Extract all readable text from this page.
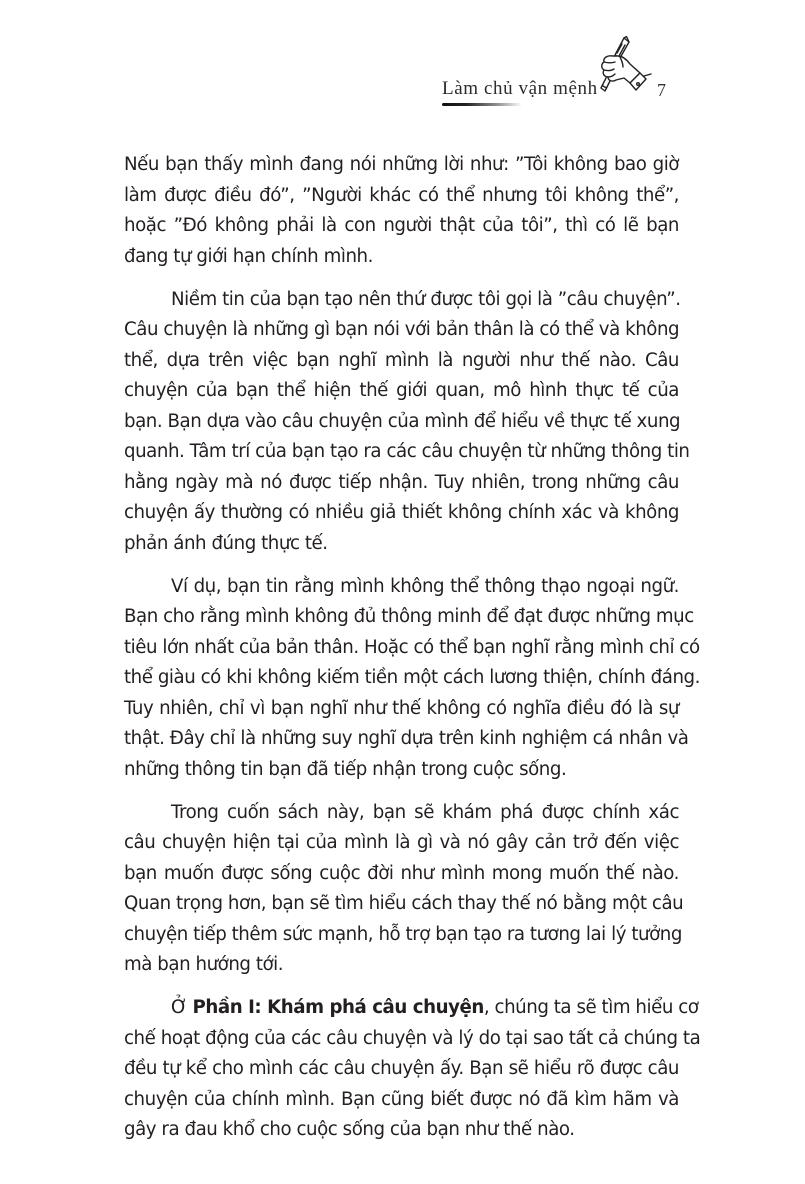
Làm chủ vận mệnh	7

Nếu bạn thấy mình đang nói những lời như: ”Tôi không bao giờ
làm được điều đó”, ”Người khác có thể nhưng tôi không thể”,
hoặc ”Đó không phải là con người thật của tôi”, thì có lẽ bạn
đang tự giới hạn chính mình.

Niềm tin của bạn tạo nên thứ được tôi gọi là ”câu chuyện”.
Câu chuyện là những gì bạn nói với bản thân là có thể và không
thể, dựa trên việc bạn nghĩ mình là người như thế nào. Câu
chuyện của bạn thể hiện thế giới quan, mô hình thực tế của
bạn. Bạn dựa vào câu chuyện của mình để hiểu về thực tế xung
quanh. Tâm trí của bạn tạo ra các câu chuyện từ những thông tin
hằng ngày mà nó được tiếp nhận. Tuy nhiên, trong những câu
chuyện ấy thường có nhiều giả thiết không chính xác và không
phản ánh đúng thực tế.

Ví dụ, bạn tin rằng mình không thể thông thạo ngoại ngữ.
Bạn cho rằng mình không đủ thông minh để đạt được những mục
tiêu lớn nhất của bản thân. Hoặc có thể bạn nghĩ rằng mình chỉ có
thể giàu có khi không kiếm tiền một cách lương thiện, chính đáng.
Tuy nhiên, chỉ vì bạn nghĩ như thế không có nghĩa điều đó là sự
thật. Đây chỉ là những suy nghĩ dựa trên kinh nghiệm cá nhân và
những thông tin bạn đã tiếp nhận trong cuộc sống.

Trong cuốn sách này, bạn sẽ khám phá được chính xác
câu chuyện hiện tại của mình là gì và nó gây cản trở đến việc
bạn muốn được sống cuộc đời như mình mong muốn thế nào.
Quan trọng hơn, bạn sẽ tìm hiểu cách thay thế nó bằng một câu
chuyện tiếp thêm sức mạnh, hỗ trợ bạn tạo ra tương lai lý tưởng
mà bạn hướng tới.

Ở Phần I: Khám phá câu chuyện, chúng ta sẽ tìm hiểu cơ
chế hoạt động của các câu chuyện và lý do tại sao tất cả chúng ta
đều tự kể cho mình các câu chuyện ấy. Bạn sẽ hiểu rõ được câu
chuyện của chính mình. Bạn cũng biết được nó đã kìm hãm và
gây ra đau khổ cho cuộc sống của bạn như thế nào.
